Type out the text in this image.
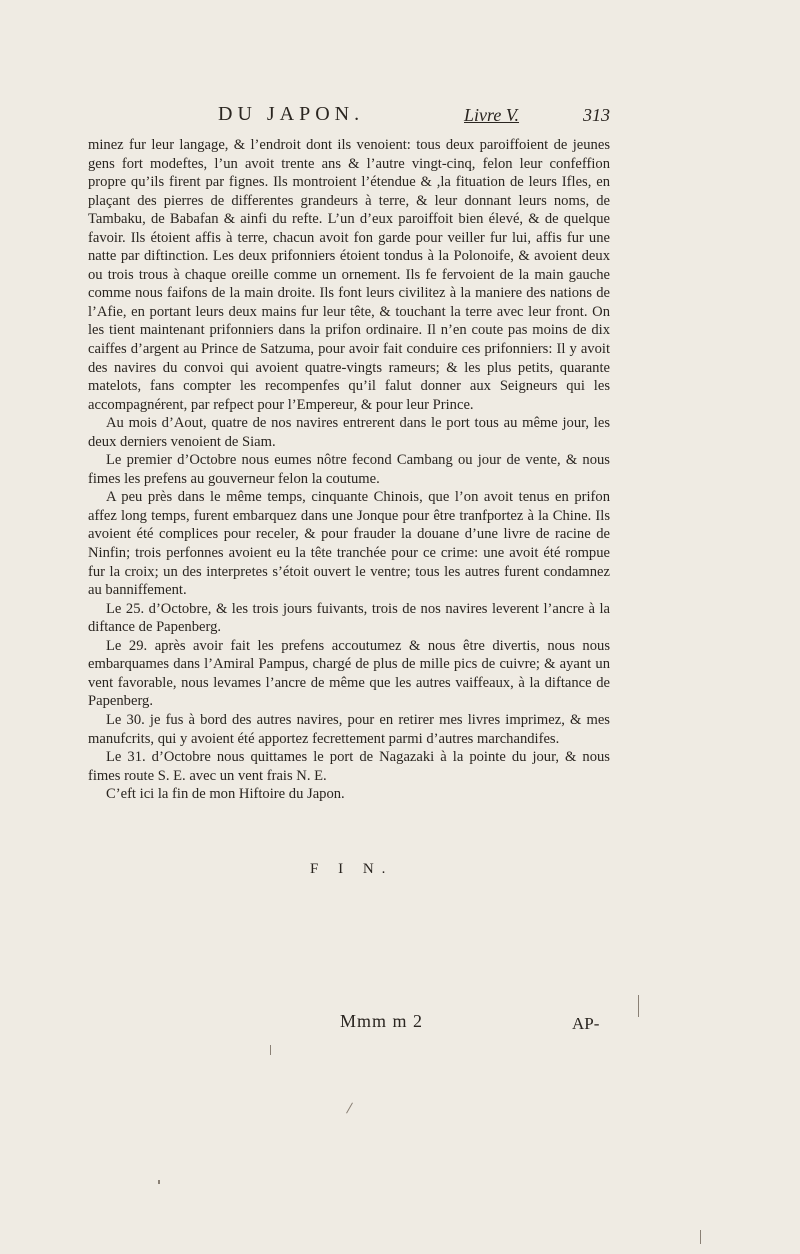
DU JAPON.	Livre V.	313

minez fur leur langage, & l’endroit dont ils venoient: tous deux paroiffoient de jeunes gens fort modeftes, l’un avoit trente ans & l’autre vingt-cinq, felon leur confeffion propre qu’ils firent par fignes. Ils montroient l’étendue & ,la fituation de leurs Ifles, en plaçant des pierres de differentes grandeurs à terre, & leur donnant leurs noms, de Tambaku, de Babafan & ainfi du refte. L’un d’eux paroiffoit bien élevé, & de quelque favoir. Ils étoient affis à terre, chacun avoit fon garde pour veiller fur lui, affis fur une natte par diftinction. Les deux prifonniers étoient tondus à la Polonoife, & avoient deux ou trois trous à chaque oreille comme un ornement. Ils fe fervoient de la main gauche comme nous faifons de la main droite. Ils font leurs civilitez à la maniere des nations de l’Afie, en portant leurs deux mains fur leur tête, & touchant la terre avec leur front. On les tient maintenant prifonniers dans la prifon ordinaire. Il n’en coute pas moins de dix caiffes d’argent au Prince de Satzuma, pour avoir fait conduire ces prifonniers: Il y avoit des navires du convoi qui avoient quatre-vingts rameurs; & les plus petits, quarante matelots, fans compter les recompenfes qu’il falut donner aux Seigneurs qui les accompagnérent, par refpect pour l’Empereur, & pour leur Prince.

Au mois d’Aout, quatre de nos navires entrerent dans le port tous au même jour, les deux derniers venoient de Siam.

Le premier d’Octobre nous eumes nôtre fecond Cambang ou jour de vente, & nous fimes les prefens au gouverneur felon la coutume.

A peu près dans le même temps, cinquante Chinois, que l’on avoit tenus en prifon affez long temps, furent embarquez dans une Jonque pour être tranfportez à la Chine. Ils avoient été complices pour receler, & pour frauder la douane d’une livre de racine de Ninfin; trois perfonnes avoient eu la tête tranchée pour ce crime: une avoit été rompue fur la croix; un des interpretes s’étoit ouvert le ventre; tous les autres furent condamnez au banniffement.

Le 25. d’Octobre, & les trois jours fuivants, trois de nos navires leverent l’ancre à la diftance de Papenberg.

Le 29. après avoir fait les prefens accoutumez & nous être divertis, nous nous embarquames dans l’Amiral Pampus, chargé de plus de mille pics de cuivre; & ayant un vent favorable, nous levames l’ancre de même que les autres vaiffeaux, à la diftance de Papenberg.

Le 30. je fus à bord des autres navires, pour en retirer mes livres imprimez, & mes manufcrits, qui y avoient été apportez fecrettement parmi d’autres marchandifes.

Le 31. d’Octobre nous quittames le port de Nagazaki à la pointe du jour, & nous fimes route S. E. avec un vent frais N. E.

C’eft ici la fin de mon Hiftoire du Japon.

F I N.
Mmm m 2	AP-
